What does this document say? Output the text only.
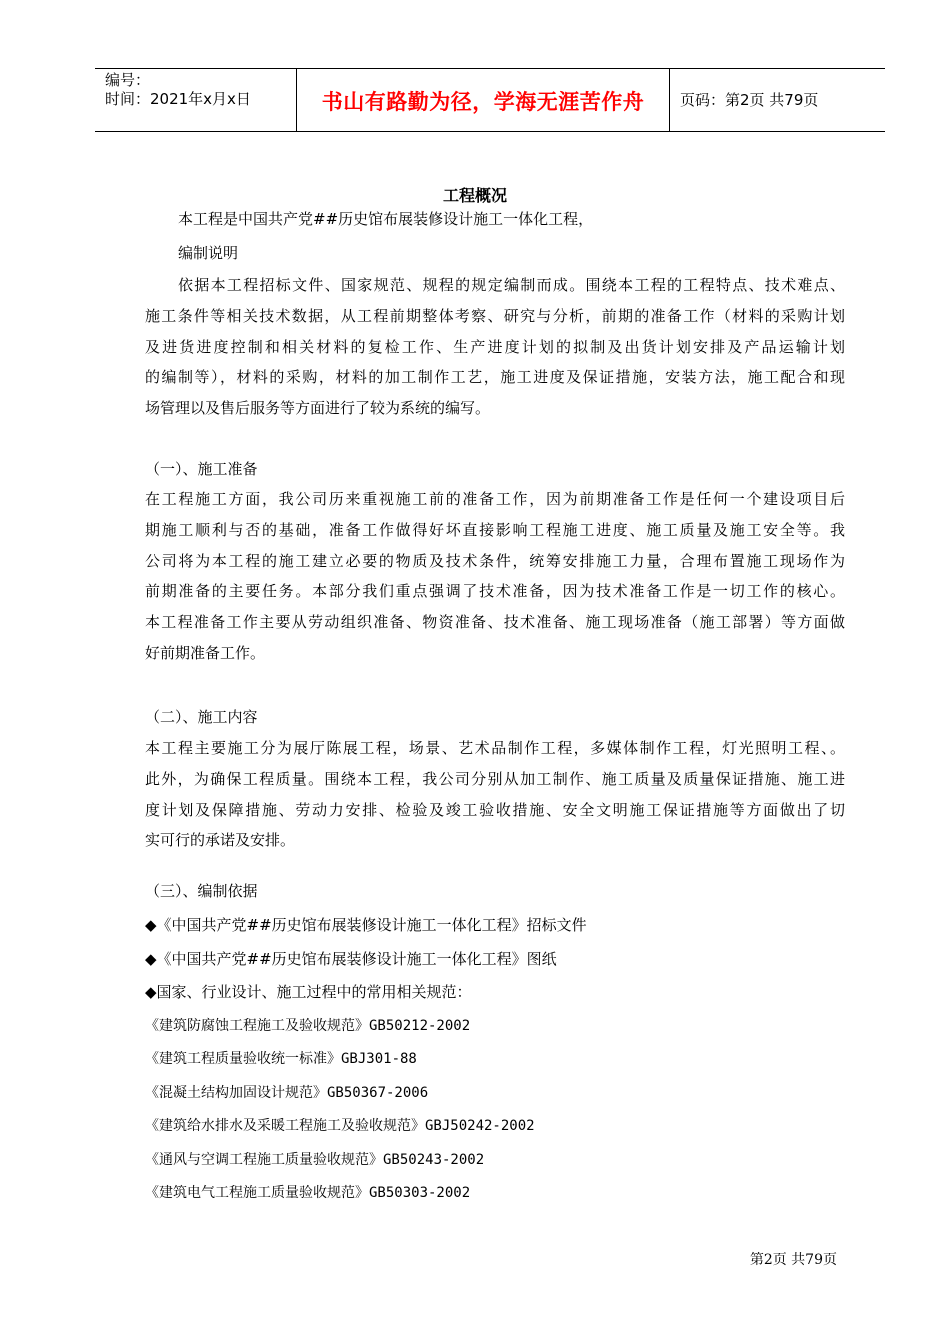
编号：
时间：2021年x月x日	书山有路勤为径，学海无涯苦作舟	页码：第2页 共79页
工程概况
本工程是中国共产党##历史馆布展装修设计施工一体化工程，
编制说明
依据本工程招标文件、国家规范、规程的规定编制而成。围绕本工程的工程特点、技术难点、
施工条件等相关技术数据，从工程前期整体考察、研究与分析，前期的准备工作（材料的采购计划
及进货进度控制和相关材料的复检工作、生产进度计划的拟制及出货计划安排及产品运输计划
的编制等），材料的采购，材料的加工制作工艺，施工进度及保证措施，安装方法，施工配合和现
场管理以及售后服务等方面进行了较为系统的编写。
（一）、施工准备
在工程施工方面，我公司历来重视施工前的准备工作，因为前期准备工作是任何一个建设项目后
期施工顺利与否的基础，准备工作做得好坏直接影响工程施工进度、施工质量及施工安全等。我
公司将为本工程的施工建立必要的物质及技术条件，统筹安排施工力量，合理布置施工现场作为
前期准备的主要任务。本部分我们重点强调了技术准备，因为技术准备工作是一切工作的核心。
本工程准备工作主要从劳动组织准备、物资准备、技术准备、施工现场准备（施工部署）等方面做
好前期准备工作。
（二）、施工内容
本工程主要施工分为展厅陈展工程，场景、艺术品制作工程，多媒体制作工程，灯光照明工程、。
此外，为确保工程质量。围绕本工程，我公司分别从加工制作、施工质量及质量保证措施、施工进
度计划及保障措施、劳动力安排、检验及竣工验收措施、安全文明施工保证措施等方面做出了切
实可行的承诺及安排。
（三）、编制依据
◆《中国共产党##历史馆布展装修设计施工一体化工程》招标文件
◆《中国共产党##历史馆布展装修设计施工一体化工程》图纸
◆国家、行业设计、施工过程中的常用相关规范：
《建筑防腐蚀工程施工及验收规范》GB50212-2002
《建筑工程质量验收统一标准》GBJ301-88
《混凝土结构加固设计规范》GB50367-2006
《建筑给水排水及采暖工程施工及验收规范》GBJ50242-2002
《通风与空调工程施工质量验收规范》GB50243-2002
《建筑电气工程施工质量验收规范》GB50303-2002
第2页 共79页
